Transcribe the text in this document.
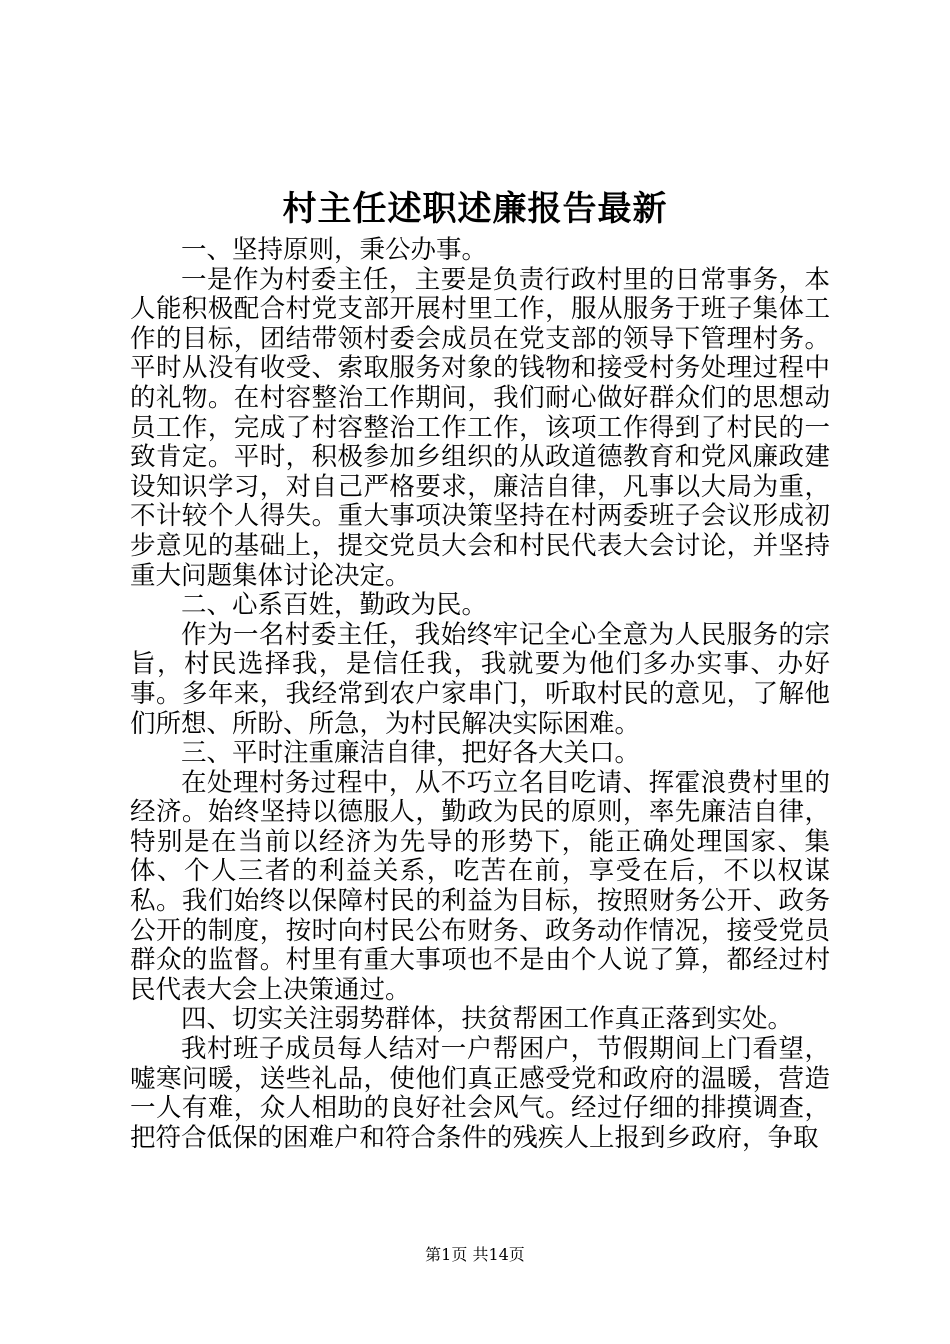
村主任述职述廉报告最新

一、坚持原则，秉公办事。

一是作为村委主任，主要是负责行政村里的日常事务，本人能积极配合村党支部开展村里工作，服从服务于班子集体工作的目标，团结带领村委会成员在党支部的领导下管理村务。平时从没有收受、索取服务对象的钱物和接受村务处理过程中的礼物。在村容整治工作期间，我们耐心做好群众们的思想动员工作，完成了村容整治工作工作，该项工作得到了村民的一致肯定。平时，积极参加乡组织的从政道德教育和党风廉政建设知识学习，对自己严格要求，廉洁自律，凡事以大局为重，不计较个人得失。重大事项决策坚持在村两委班子会议形成初步意见的基础上，提交党员大会和村民代表大会讨论，并坚持重大问题集体讨论决定。

二、心系百姓，勤政为民。

作为一名村委主任，我始终牢记全心全意为人民服务的宗旨，村民选择我，是信任我，我就要为他们多办实事、办好事。多年来，我经常到农户家串门，听取村民的意见，了解他们所想、所盼、所急，为村民解决实际困难。

三、平时注重廉洁自律，把好各大关口。

在处理村务过程中，从不巧立名目吃请、挥霍浪费村里的经济。始终坚持以德服人，勤政为民的原则，率先廉洁自律，特别是在当前以经济为先导的形势下，能正确处理国家、集体、个人三者的利益关系，吃苦在前，享受在后，不以权谋私。我们始终以保障村民的利益为目标，按照财务公开、政务公开的制度，按时向村民公布财务、政务动作情况，接受党员群众的监督。村里有重大事项也不是由个人说了算，都经过村民代表大会上决策通过。

四、切实关注弱势群体，扶贫帮困工作真正落到实处。

我村班子成员每人结对一户帮困户，节假期间上门看望，嘘寒问暖，送些礼品，使他们真正感受党和政府的温暖，营造一人有难，众人相助的良好社会风气。经过仔细的排摸调查，把符合低保的困难户和符合条件的残疾人上报到乡政府，争取

第1页 共14页
